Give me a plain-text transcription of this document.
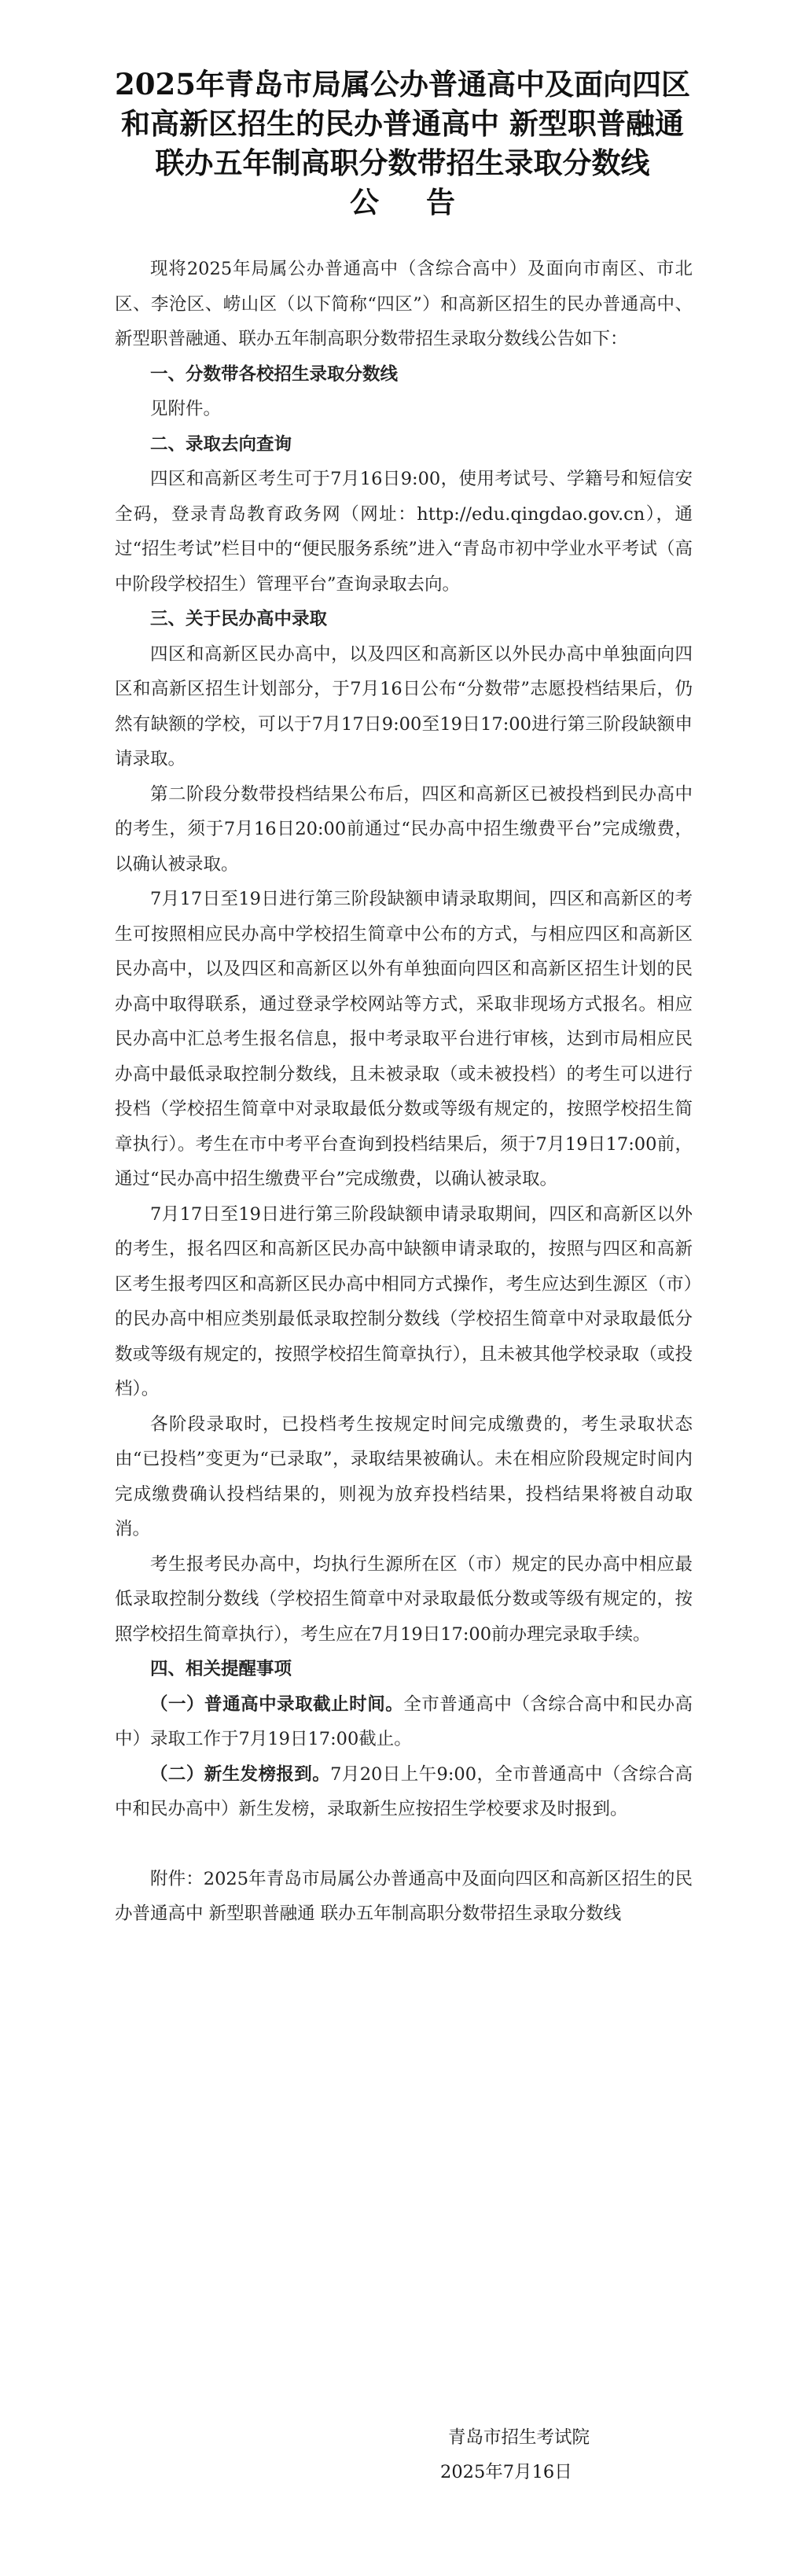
2025年青岛市局属公办普通高中及面向四区
和高新区招生的民办普通高中 新型职普融通
联办五年制高职分数带招生录取分数线
公告

现将2025年局属公办普通高中（含综合高中）及面向市南区、市北区、李沧区、崂山区（以下简称“四区”）和高新区招生的民办普通高中、新型职普融通、联办五年制高职分数带招生录取分数线公告如下：

一、分数带各校招生录取分数线

见附件。

二、录取去向查询

四区和高新区考生可于7月16日9:00，使用考试号、学籍号和短信安全码，登录青岛教育政务网（网址：http://edu.qingdao.gov.cn），通过“招生考试”栏目中的“便民服务系统”进入“青岛市初中学业水平考试（高中阶段学校招生）管理平台”查询录取去向。

三、关于民办高中录取

四区和高新区民办高中，以及四区和高新区以外民办高中单独面向四区和高新区招生计划部分，于7月16日公布“分数带”志愿投档结果后，仍然有缺额的学校，可以于7月17日9:00至19日17:00进行第三阶段缺额申请录取。

第二阶段分数带投档结果公布后，四区和高新区已被投档到民办高中的考生，须于7月16日20:00前通过“民办高中招生缴费平台”完成缴费，以确认被录取。

7月17日至19日进行第三阶段缺额申请录取期间，四区和高新区的考生可按照相应民办高中学校招生简章中公布的方式，与相应四区和高新区民办高中，以及四区和高新区以外有单独面向四区和高新区招生计划的民办高中取得联系，通过登录学校网站等方式，采取非现场方式报名。相应民办高中汇总考生报名信息，报中考录取平台进行审核，达到市局相应民办高中最低录取控制分数线，且未被录取（或未被投档）的考生可以进行投档（学校招生简章中对录取最低分数或等级有规定的，按照学校招生简章执行）。考生在市中考平台查询到投档结果后，须于7月19日17:00前，通过“民办高中招生缴费平台”完成缴费，以确认被录取。

7月17日至19日进行第三阶段缺额申请录取期间，四区和高新区以外的考生，报名四区和高新区民办高中缺额申请录取的，按照与四区和高新区考生报考四区和高新区民办高中相同方式操作，考生应达到生源区（市）的民办高中相应类别最低录取控制分数线（学校招生简章中对录取最低分数或等级有规定的，按照学校招生简章执行），且未被其他学校录取（或投档）。

各阶段录取时，已投档考生按规定时间完成缴费的，考生录取状态由“已投档”变更为“已录取”，录取结果被确认。未在相应阶段规定时间内完成缴费确认投档结果的，则视为放弃投档结果，投档结果将被自动取消。

考生报考民办高中，均执行生源所在区（市）规定的民办高中相应最低录取控制分数线（学校招生简章中对录取最低分数或等级有规定的，按照学校招生简章执行），考生应在7月19日17:00前办理完录取手续。

四、相关提醒事项

（一）普通高中录取截止时间。全市普通高中（含综合高中和民办高中）录取工作于7月19日17:00截止。

（二）新生发榜报到。7月20日上午9:00，全市普通高中（含综合高中和民办高中）新生发榜，录取新生应按招生学校要求及时报到。

附件：2025年青岛市局属公办普通高中及面向四区和高新区招生的民办普通高中 新型职普融通 联办五年制高职分数带招生录取分数线

青岛市招生考试院
2025年7月16日
